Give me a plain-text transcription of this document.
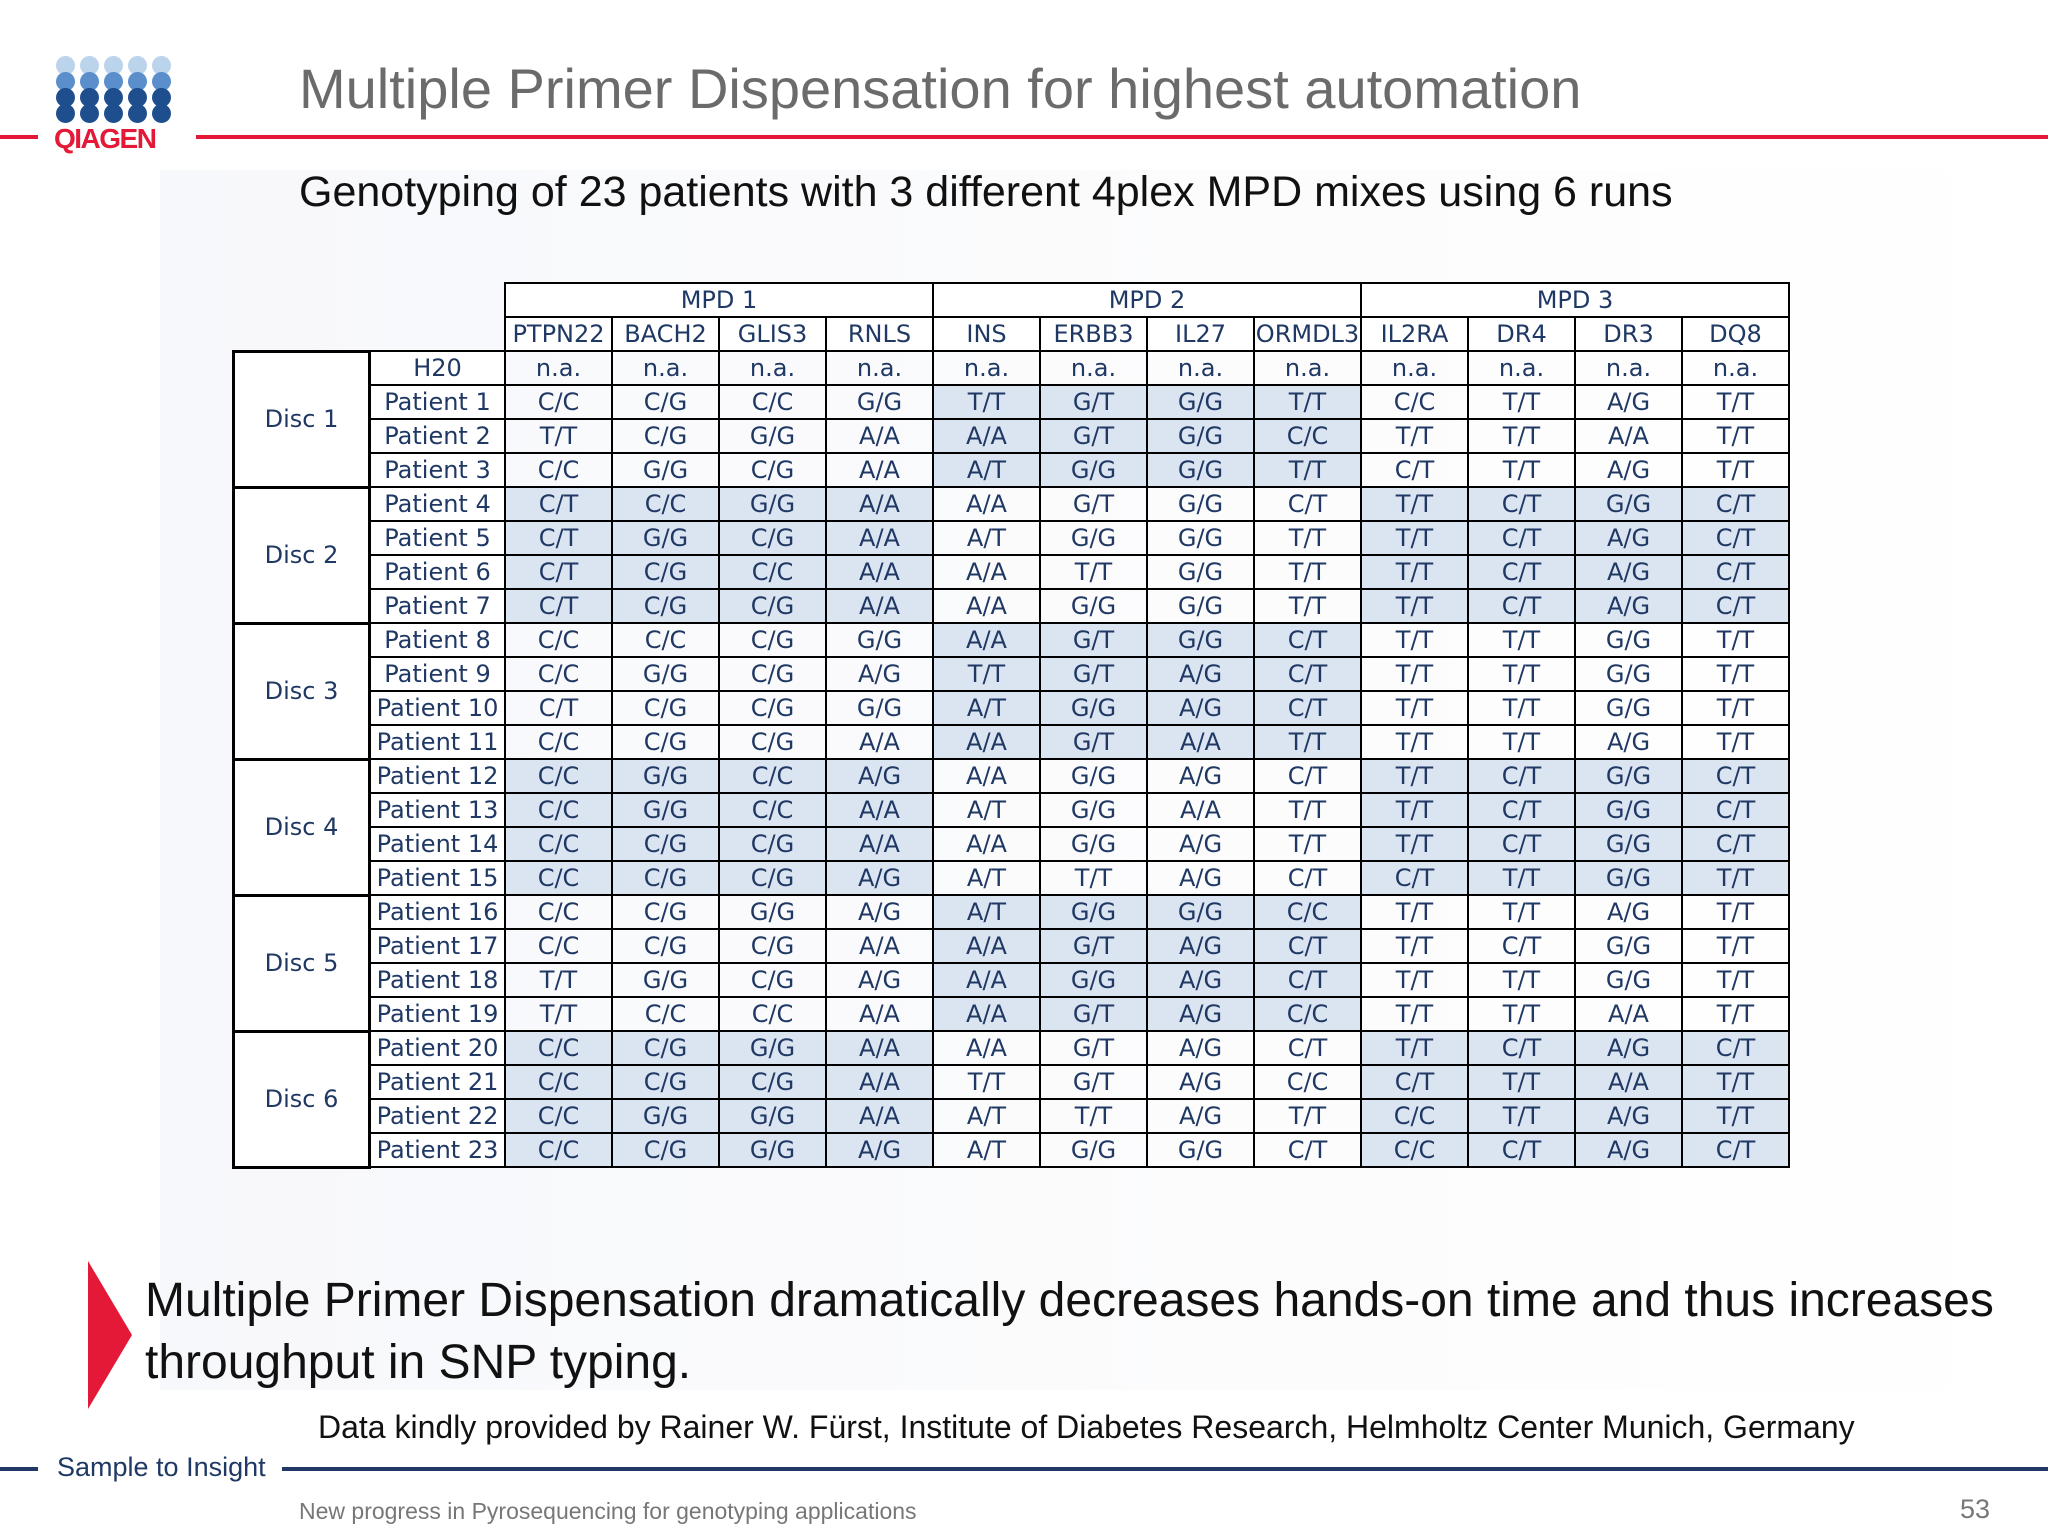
QIAGEN
Multiple Primer Dispensation for highest automation
Genotyping of 23 patients with 3 different 4plex MPD mixes using 6 runs
		MPD 1				MPD 2				MPD 3			
		PTPN22	BACH2	GLIS3	RNLS	INS	ERBB3	IL27	ORMDL3	IL2RA	DR4	DR3	DQ8
Disc 1	H20	n.a.	n.a.	n.a.	n.a.	n.a.	n.a.	n.a.	n.a.	n.a.	n.a.	n.a.	n.a.
	Patient 1	C/C	C/G	C/C	G/G	T/T	G/T	G/G	T/T	C/C	T/T	A/G	T/T
	Patient 2	T/T	C/G	G/G	A/A	A/A	G/T	G/G	C/C	T/T	T/T	A/A	T/T
	Patient 3	C/C	G/G	C/G	A/A	A/T	G/G	G/G	T/T	C/T	T/T	A/G	T/T
Disc 2	Patient 4	C/T	C/C	G/G	A/A	A/A	G/T	G/G	C/T	T/T	C/T	G/G	C/T
	Patient 5	C/T	G/G	C/G	A/A	A/T	G/G	G/G	T/T	T/T	C/T	A/G	C/T
	Patient 6	C/T	C/G	C/C	A/A	A/A	T/T	G/G	T/T	T/T	C/T	A/G	C/T
	Patient 7	C/T	C/G	C/G	A/A	A/A	G/G	G/G	T/T	T/T	C/T	A/G	C/T
Disc 3	Patient 8	C/C	C/C	C/G	G/G	A/A	G/T	G/G	C/T	T/T	T/T	G/G	T/T
	Patient 9	C/C	G/G	C/G	A/G	T/T	G/T	A/G	C/T	T/T	T/T	G/G	T/T
	Patient 10	C/T	C/G	C/G	G/G	A/T	G/G	A/G	C/T	T/T	T/T	G/G	T/T
	Patient 11	C/C	C/G	C/G	A/A	A/A	G/T	A/A	T/T	T/T	T/T	A/G	T/T
Disc 4	Patient 12	C/C	G/G	C/C	A/G	A/A	G/G	A/G	C/T	T/T	C/T	G/G	C/T
	Patient 13	C/C	G/G	C/C	A/A	A/T	G/G	A/A	T/T	T/T	C/T	G/G	C/T
	Patient 14	C/C	C/G	C/G	A/A	A/A	G/G	A/G	T/T	T/T	C/T	G/G	C/T
	Patient 15	C/C	C/G	C/G	A/G	A/T	T/T	A/G	C/T	C/T	T/T	G/G	T/T
Disc 5	Patient 16	C/C	C/G	G/G	A/G	A/T	G/G	G/G	C/C	T/T	T/T	A/G	T/T
	Patient 17	C/C	C/G	C/G	A/A	A/A	G/T	A/G	C/T	T/T	C/T	G/G	T/T
	Patient 18	T/T	G/G	C/G	A/G	A/A	G/G	A/G	C/T	T/T	T/T	G/G	T/T
	Patient 19	T/T	C/C	C/C	A/A	A/A	G/T	A/G	C/C	T/T	T/T	A/A	T/T
Disc 6	Patient 20	C/C	C/G	G/G	A/A	A/A	G/T	A/G	C/T	T/T	C/T	A/G	C/T
	Patient 21	C/C	C/G	C/G	A/A	T/T	G/T	A/G	C/C	C/T	T/T	A/A	T/T
	Patient 22	C/C	G/G	G/G	A/A	A/T	T/T	A/G	T/T	C/C	T/T	A/G	T/T
	Patient 23	C/C	C/G	G/G	A/G	A/T	G/G	G/G	C/T	C/C	C/T	A/G	C/T
Multiple Primer Dispensation dramatically decreases hands-on time and thus increases throughput in SNP typing.
Data kindly provided by Rainer W. Fürst, Institute of Diabetes Research, Helmholtz Center Munich, Germany
Sample to Insight
New progress in Pyrosequencing for genotyping applications	53
